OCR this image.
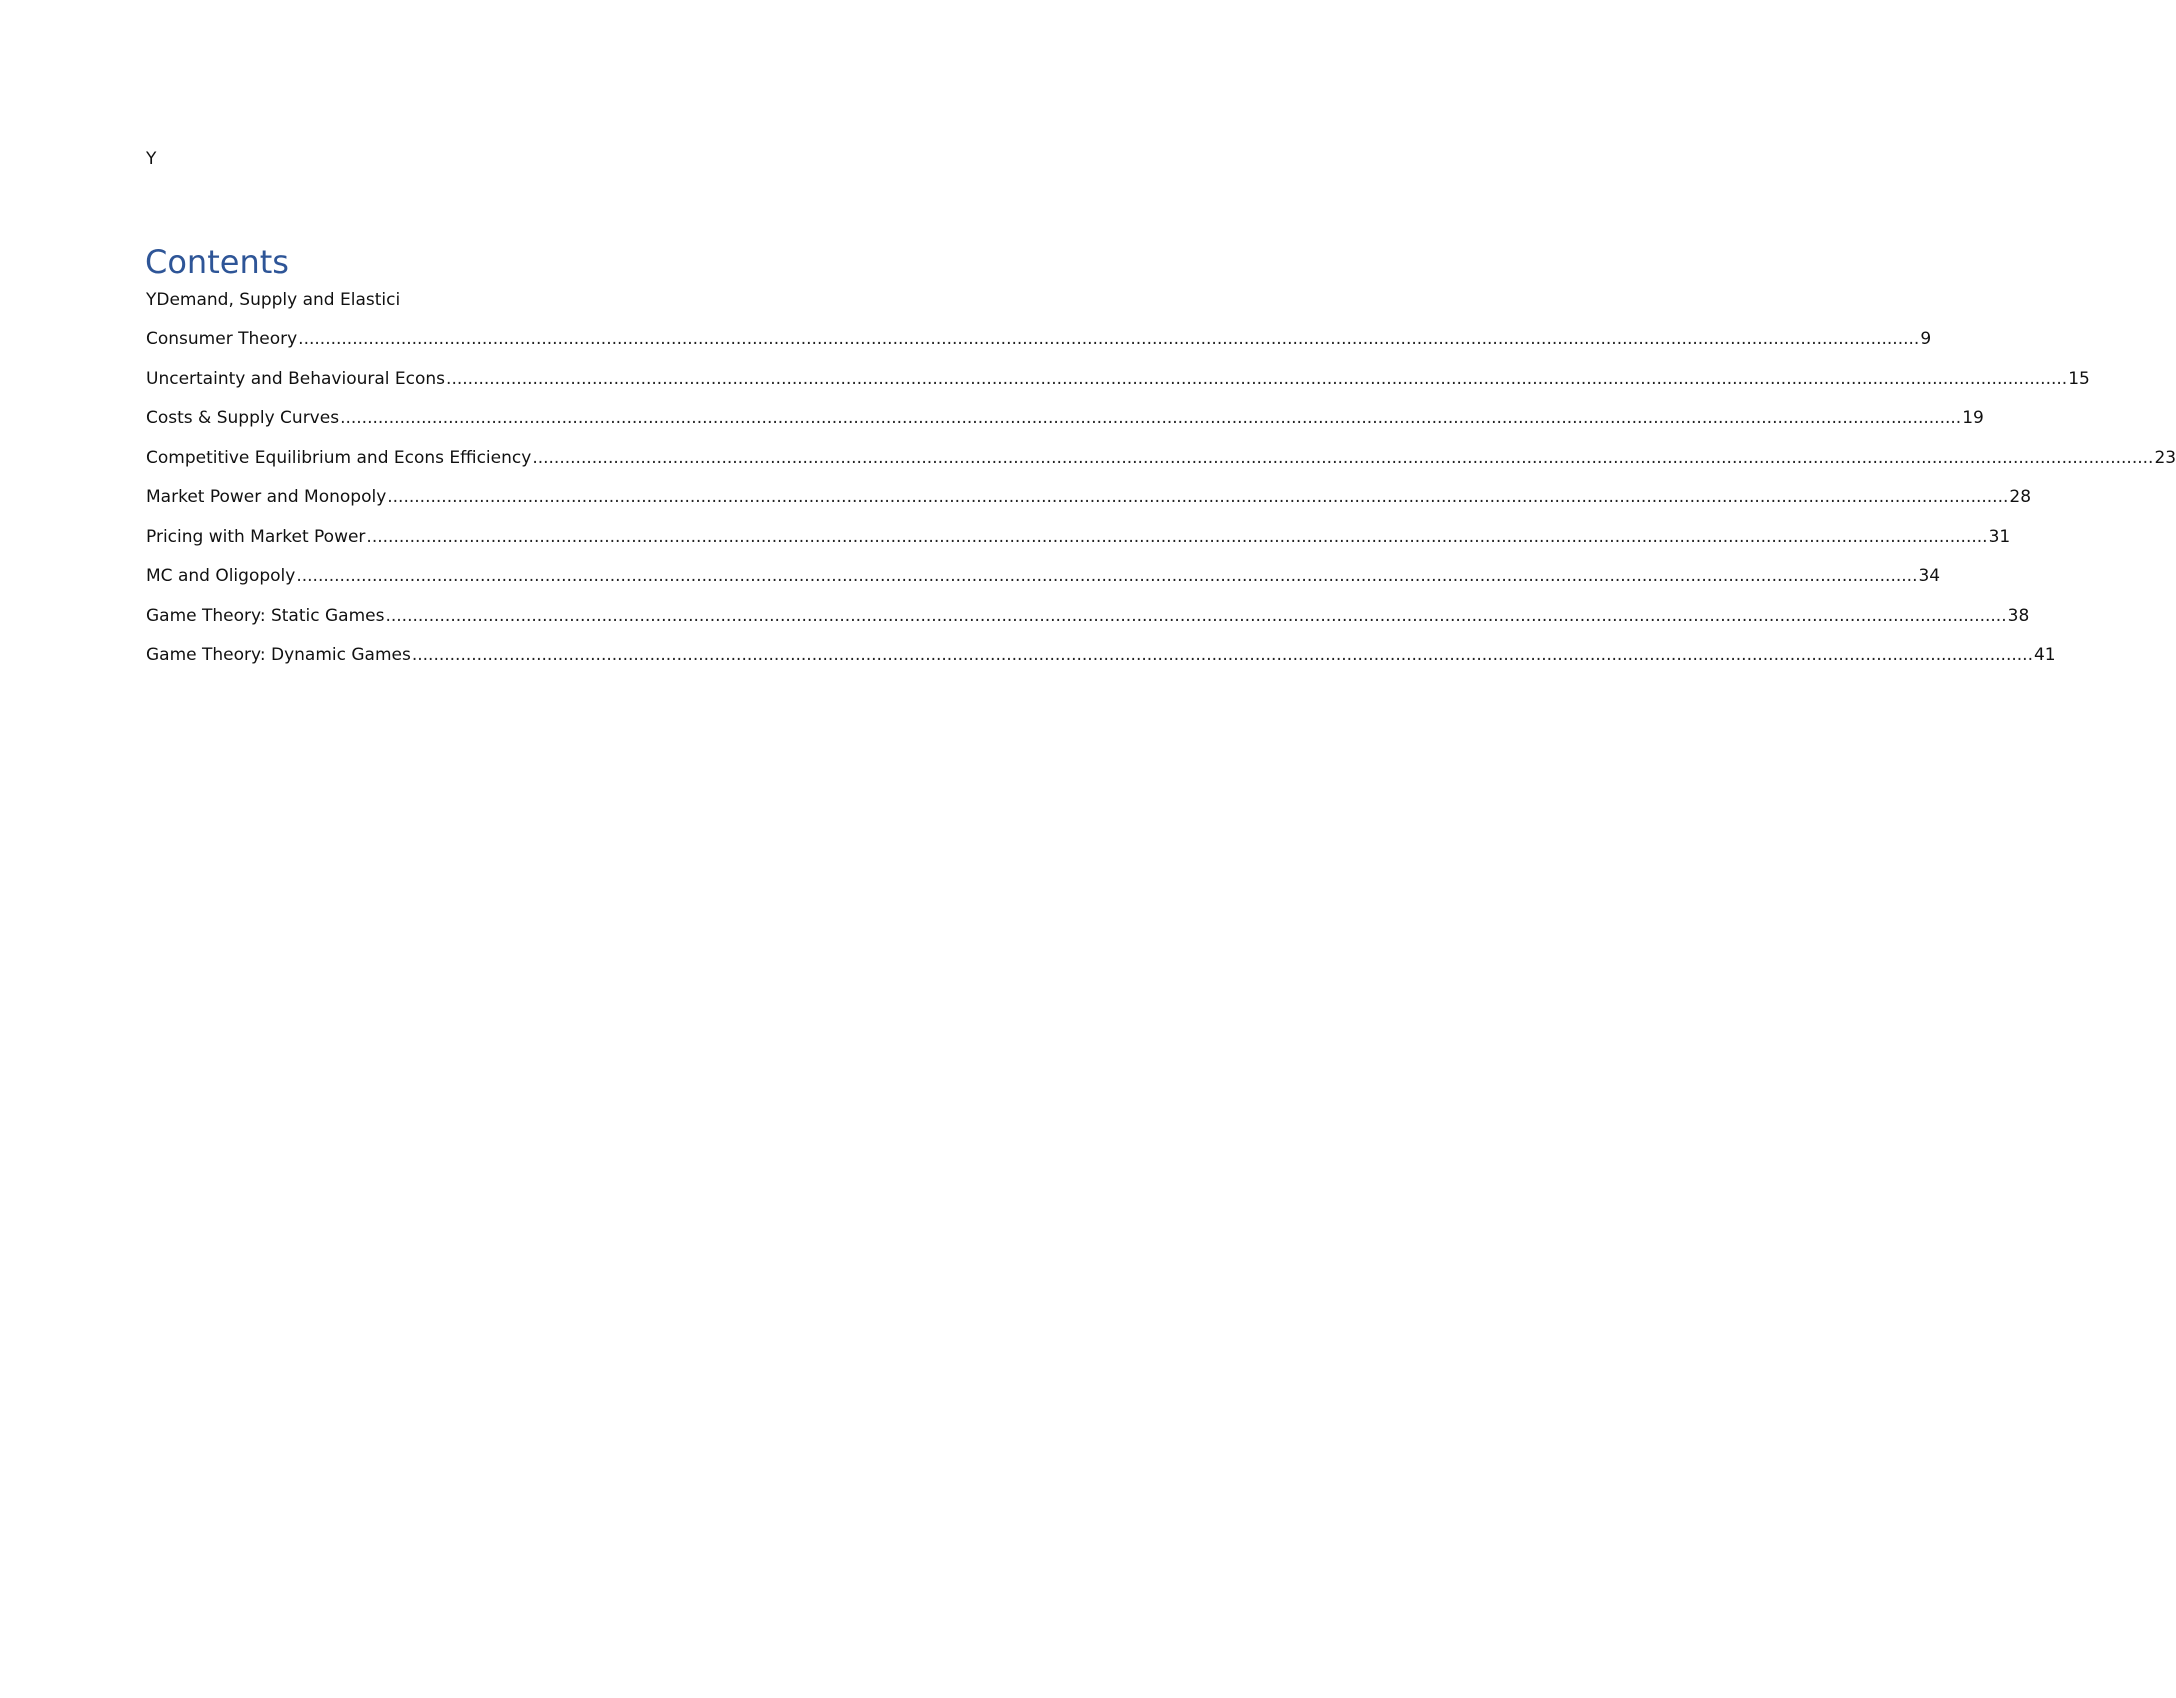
Y
Contents
YDemand, Supply and Elastici
Consumer Theory ............................................................................................................................................................................................................................................................................................................ 9
Uncertainty and Behavioural Econs ............................................................................................................................................................................................................................................................................................................ 15
Costs & Supply Curves ............................................................................................................................................................................................................................................................................................................ 19
Competitive Equilibrium and Econs Efficiency ............................................................................................................................................................................................................................................................................................................ 23
Market Power and Monopoly ............................................................................................................................................................................................................................................................................................................ 28
Pricing with Market Power ............................................................................................................................................................................................................................................................................................................ 31
MC and Oligopoly ............................................................................................................................................................................................................................................................................................................ 34
Game Theory: Static Games ............................................................................................................................................................................................................................................................................................................ 38
Game Theory: Dynamic Games ............................................................................................................................................................................................................................................................................................................ 41
